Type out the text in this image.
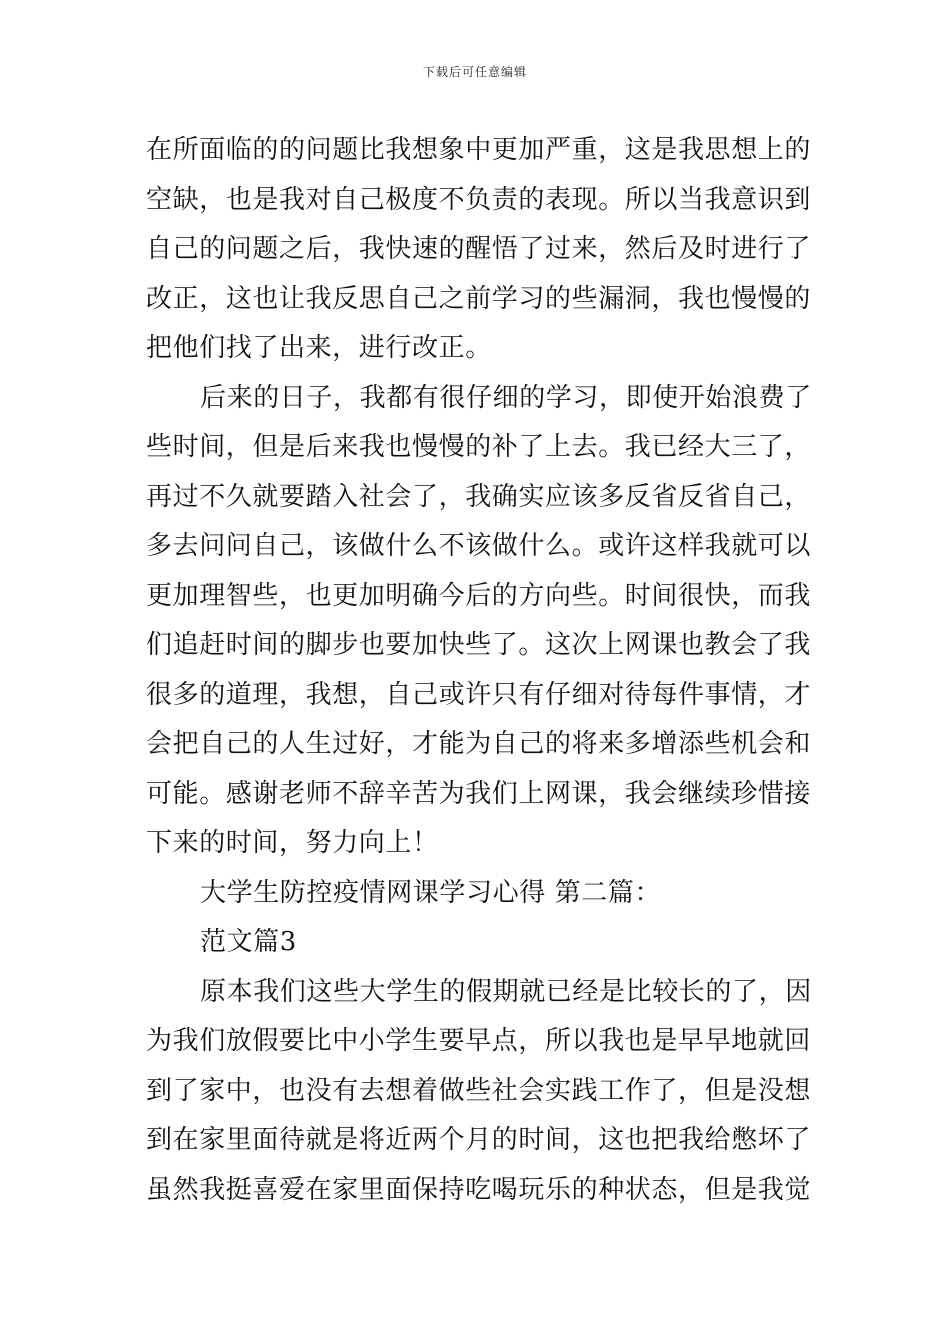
下载后可任意编辑
在所面临的的问题比我想象中更加严重，这是我思想上的
空缺，也是我对自己极度不负责的表现。所以当我意识到
自己的问题之后，我快速的醒悟了过来，然后及时进行了
改正，这也让我反思自己之前学习的些漏洞，我也慢慢的
把他们找了出来，进行改正。
后来的日子，我都有很仔细的学习，即使开始浪费了
些时间，但是后来我也慢慢的补了上去。我已经大三了，
再过不久就要踏入社会了，我确实应该多反省反省自己，
多去问问自己，该做什么不该做什么。或许这样我就可以
更加理智些，也更加明确今后的方向些。时间很快，而我
们追赶时间的脚步也要加快些了。这次上网课也教会了我
很多的道理，我想，自己或许只有仔细对待每件事情，才
会把自己的人生过好，才能为自己的将来多增添些机会和
可能。感谢老师不辞辛苦为我们上网课，我会继续珍惜接
下来的时间，努力向上！
大学生防控疫情网课学习心得 第二篇：
范文篇3
原本我们这些大学生的假期就已经是比较长的了，因
为我们放假要比中小学生要早点，所以我也是早早地就回
到了家中，也没有去想着做些社会实践工作了，但是没想
到在家里面待就是将近两个月的时间，这也把我给憋坏了
虽然我挺喜爱在家里面保持吃喝玩乐的种状态，但是我觉
